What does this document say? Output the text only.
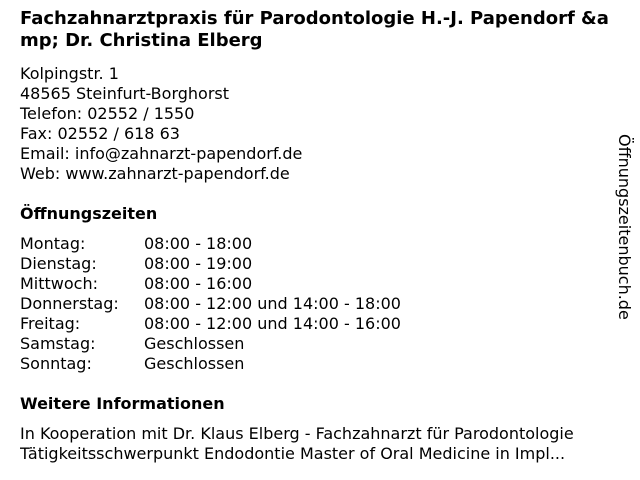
Fachzahnarztpraxis für Parodontologie H.-J. Papendorf &amp; Dr. Christina Elberg
Kolpingstr. 1
48565 Steinfurt-Borghorst
Telefon: 02552 / 1550
Fax: 02552 / 618 63
Email: info@zahnarzt-papendorf.de
Web: www.zahnarzt-papendorf.de
Öffnungszeiten
Montag:	08:00 - 18:00
Dienstag:	08:00 - 19:00
Mittwoch:	08:00 - 16:00
Donnerstag:	08:00 - 12:00 und 14:00 - 18:00
Freitag:	08:00 - 12:00 und 14:00 - 16:00
Samstag:	Geschlossen
Sonntag:	Geschlossen
Weitere Informationen
In Kooperation mit Dr. Klaus Elberg - Fachzahnarzt für Parodontologie
Tätigkeitsschwerpunkt Endodontie Master of Oral Medicine in Impl...
Öffnungszeitenbuch.de
